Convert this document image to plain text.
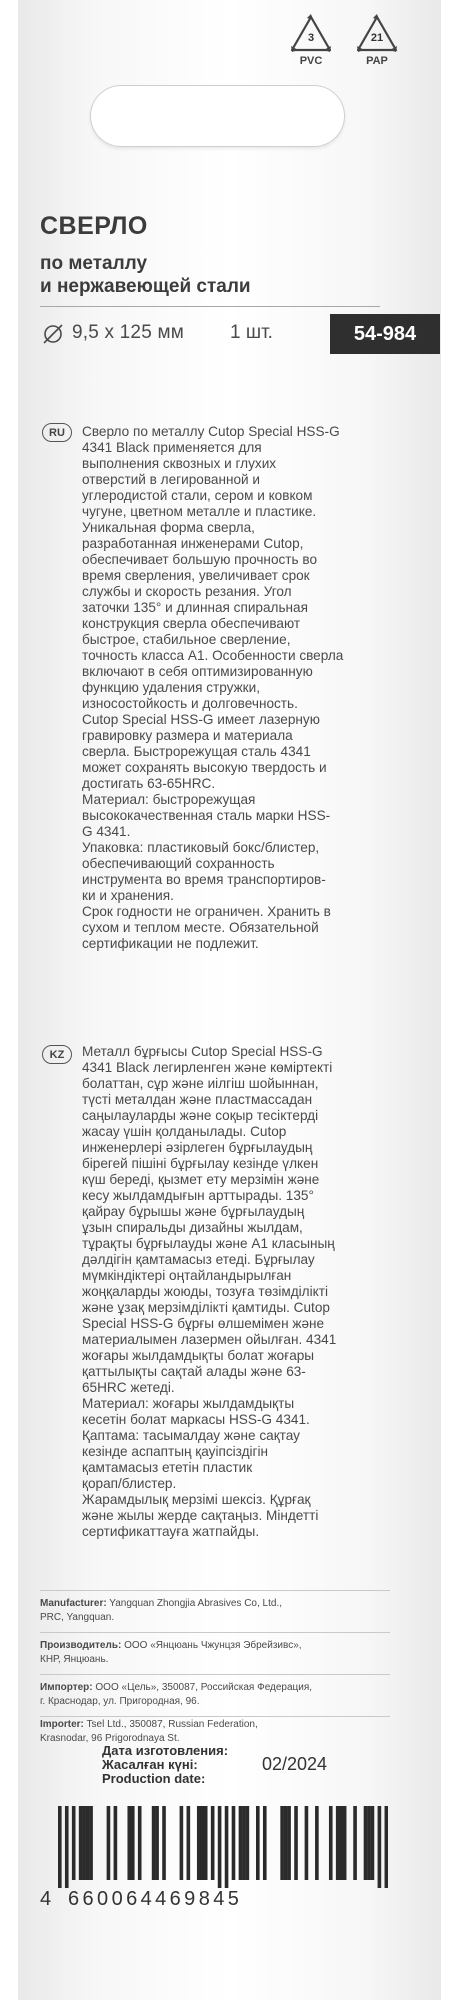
3
PVC
21
PAP
СВЕРЛО
по металлу
и нержавеющей стали
9,5 х 125 мм 1 шт.	54-984
RU	Сверло по металлу Cutop Special HSS-G
4341 Black применяется для
выполнения сквозных и глухих
отверстий в легированной и
углеродистой стали, сером и ковком
чугуне, цветном металле и пластике.
Уникальная форма сверла,
разработанная инженерами Cutop,
обеспечивает большую прочность во
время сверления, увеличивает срок
службы и скорость резания. Угол
заточки 135° и длинная спиральная
конструкция сверла обеспечивают
быстрое, стабильное сверление,
точность класса А1. Особенности сверла
включают в себя оптимизированную
функцию удаления стружки,
износостойкость и долговечность.
Cutop Special HSS-G имеет лазерную
гравировку размера и материала
сверла. Быстрорежущая сталь 4341
может сохранять высокую твердость и
достигать 63-65HRC.
Материал: быстрорежущая
высококачественная сталь марки HSS-
G 4341.
Упаковка: пластиковый бокс/блистер,
обеспечивающий сохранность
инструмента во время транспортиров-
ки и хранения.
Срок годности не ограничен. Хранить в
сухом и теплом месте. Обязательной
сертификации не подлежит.

KZ	Металл бұрғысы Cutop Special HSS-G
4341 Black легирленген және көміртекті
болаттан, сұр және иілгіш шойыннан,
түсті металдан және пластмассадан
саңылауларды және соқыр тесіктерді
жасау үшін қолданылады. Cutop
инженерлері әзірлеген бұрғылаудың
бірегей пішіні бұрғылау кезінде үлкен
күш береді, қызмет ету мерзімін және
кесу жылдамдығын арттырады. 135°
қайрау бұрышы және бұрғылаудың
ұзын спиральды дизайны жылдам,
тұрақты бұрғылауды және А1 класының
дәлдігін қамтамасыз етеді. Бұрғылау
мүмкіндіктері оңтайландырылған
жоңқаларды жоюды, тозуға төзімділікті
және ұзақ мерзімділікті қамтиды. Cutop
Special HSS-G бұрғы өлшемімен және
материалымен лазермен ойылған. 4341
жоғары жылдамдықты болат жоғары
қаттылықты сақтай алады және 63-
65HRC жетеді.
Материал: жоғары жылдамдықты
кесетін болат маркасы HSS-G 4341.
Қаптама: тасымалдау және сақтау
кезінде аспаптың қауіпсіздігін
қамтамасыз ететін пластик
қорап/блистер.
Жарамдылық мерзімі шексіз. Құрғақ
және жылы жерде сақтаңыз. Міндетті
сертификаттауға жатпайды.

Manufacturer: Yangquan Zhongjia Abrasives Co, Ltd.,
PRC, Yangquan.
Производитель: ООО «Янцюань Чжунцзя Эбрейзивс»,
КНР, Янцюань.
Импортер: ООО «Цель», 350087, Российская Федерация,
г. Краснодар, ул. Пригородная, 96.
Importer: Tsel Ltd., 350087, Russian Federation,
Krasnodar, 96 Prigorodnaya St.
Дата изготовления:
Жасалған күні:
Production date:
02/2024
4 660064469845
